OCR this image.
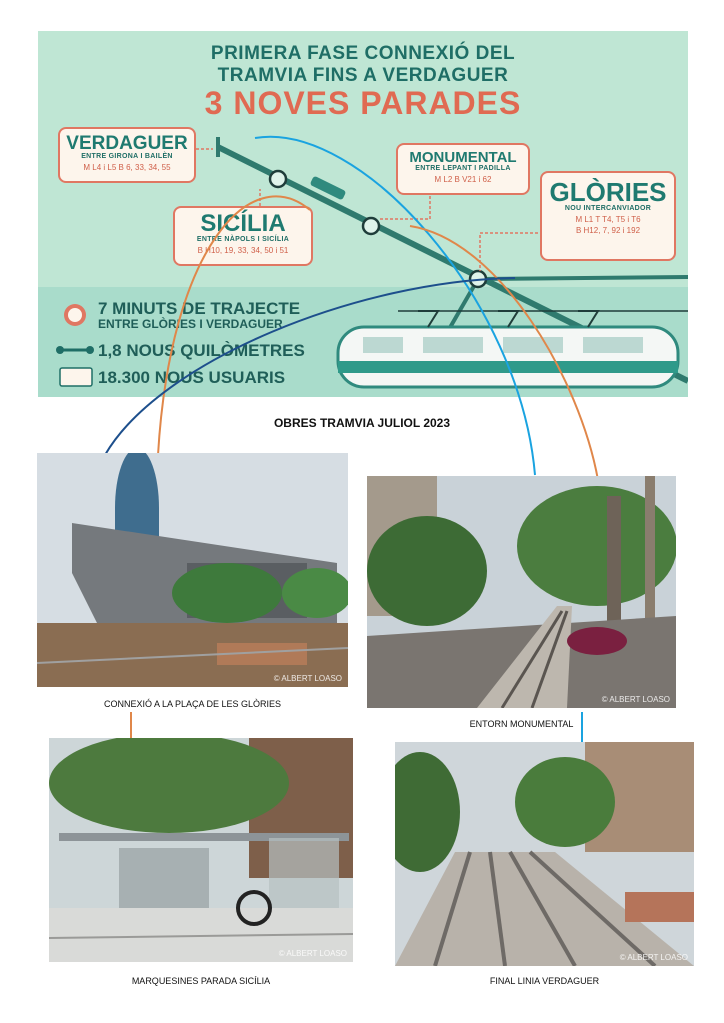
PRIMERA FASE CONNEXIÓ DEL
TRAMVIA FINS A VERDAGUER
3 NOVES PARADES
VERDAGUER
ENTRE GIRONA I BAILÈN
M L4 i L5 B 6, 33, 34, 55
SICÍLIA
ENTRE NÀPOLS I SICÍLIA
B H10, 19, 33, 34, 50 i 51
MONUMENTAL
ENTRE LEPANT I PADILLA
M L2 B V21 i 62	GLÒRIES
NOU INTERCANVIADOR
M L1 T T4, T5 i T6
B H12, 7, 92 i 192
7 MINUTS DE TRAJECTE
ENTRE GLÒRIES I VERDAGUER
1,8 NOUS QUILÒMETRES
18.300 NOUS USUARIS
OBRES TRAMVIA JULIOL 2023
© ALBERT LOASO
CONNEXIÓ A LA PLAÇA DE LES GLÒRIES	© ALBERT LOASO
ENTORN MONUMENTAL
© ALBERT LOASO
MARQUESINES PARADA SICÍLIA
© ALBERT LOASO
FINAL LINIA VERDAGUER
